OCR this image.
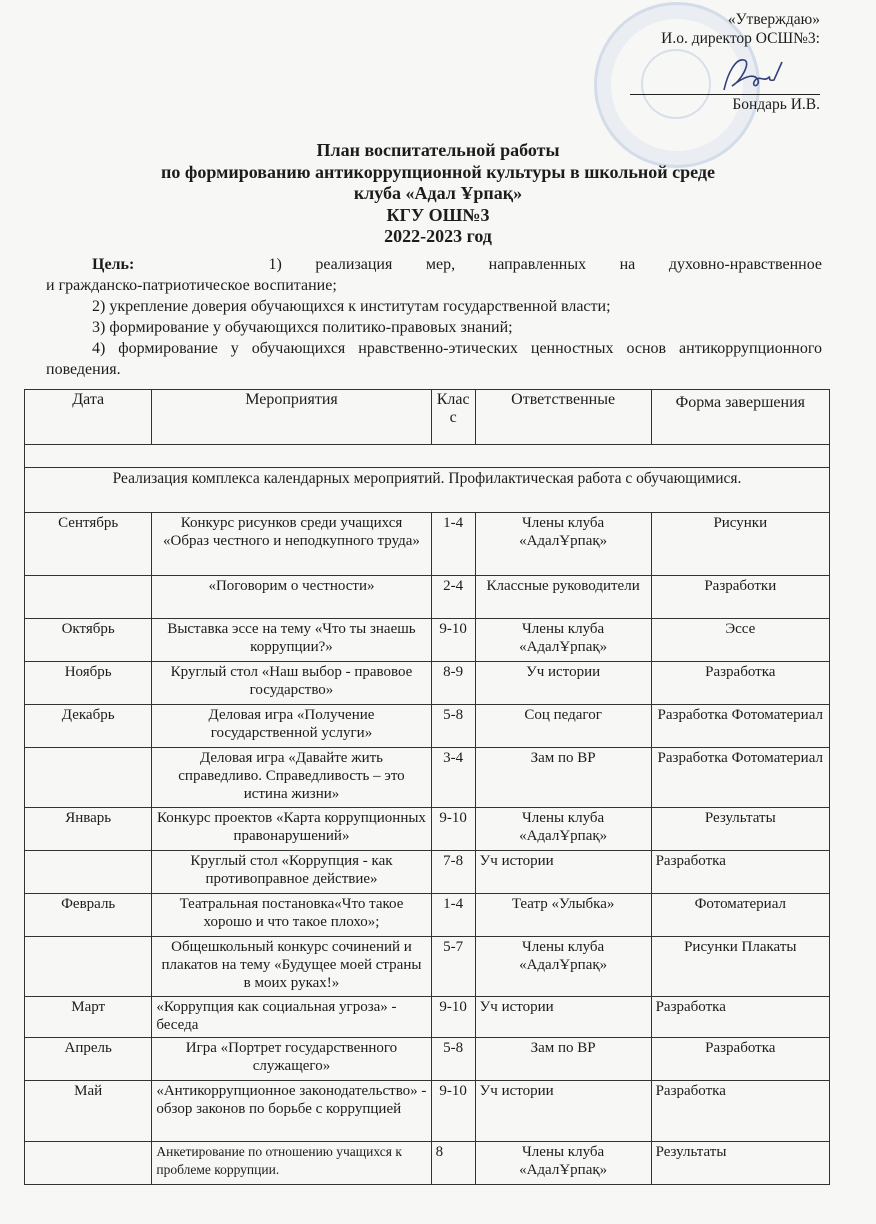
«Утверждаю»
И.о. директор ОСШ№3:
Бондарь И.В.
План воспитательной работы
по формированию антикоррупционной культуры в школьной среде
клуба «Адал Ұрпақ»
КГУ ОШ№3
2022-2023 год

Цель:	1) реализация мер, направленных на духовно-нравственное

и гражданско-патриотическое воспитание;

2) укрепление доверия обучающихся к институтам государственной власти;

3) формирование у обучающихся политико-правовых знаний;

4) формирование у обучающихся нравственно-этических ценностных основ антикоррупционного поведения.

Дата	Мероприятия	Класс	Ответственные	Форма завершения

Реализация комплекса календарных мероприятий. Профилактическая работа с обучающимися.				
Сентябрь	Конкурс рисунков среди учащихся «Образ честного и неподкупного труда»	1-4	Члены клуба «АдалҰрпақ»	Рисунки
	«Поговорим о честности»	2-4	Классные руководители	Разработки
Октябрь	Выставка эссе на тему «Что ты знаешь коррупции?»	9-10	Члены клуба «АдалҰрпақ»	Эссе
Ноябрь	Круглый стол «Наш выбор - правовое государство»	8-9	Уч истории	Разработка
Декабрь	Деловая игра «Получение государственной услуги»	5-8	Соц педагог	Разработка Фотоматериал
	Деловая игра «Давайте жить справедливо. Справедливость – это истина жизни»	3-4	Зам по ВР	Разработка Фотоматериал
Январь	Конкурс проектов «Карта коррупционных правонарушений»	9-10	Члены клуба «АдалҰрпақ»	Результаты
	Круглый стол «Коррупция - как противоправное действие»	7-8	Уч истории	Разработка
Февраль	Театральная постановка«Что такое хорошо и что такое плохо»;	1-4	Театр «Улыбка»	Фотоматериал
	Общешкольный конкурс сочинений и плакатов на тему «Будущее моей страны в моих руках!»	5-7	Члены клуба «АдалҰрпақ»	Рисунки Плакаты
Март	«Коррупция как социальная угроза» - беседа	9-10	Уч истории	Разработка
Апрель	Игра «Портрет государственного служащего»	5-8	Зам по ВР	Разработка
Май	«Антикоррупционное законодательство» - обзор законов по борьбе с коррупцией	9-10	Уч истории	Разработка
	Анкетирование по отношению учащихся к проблеме коррупции.	8	Члены клуба «АдалҰрпақ»	Результаты
